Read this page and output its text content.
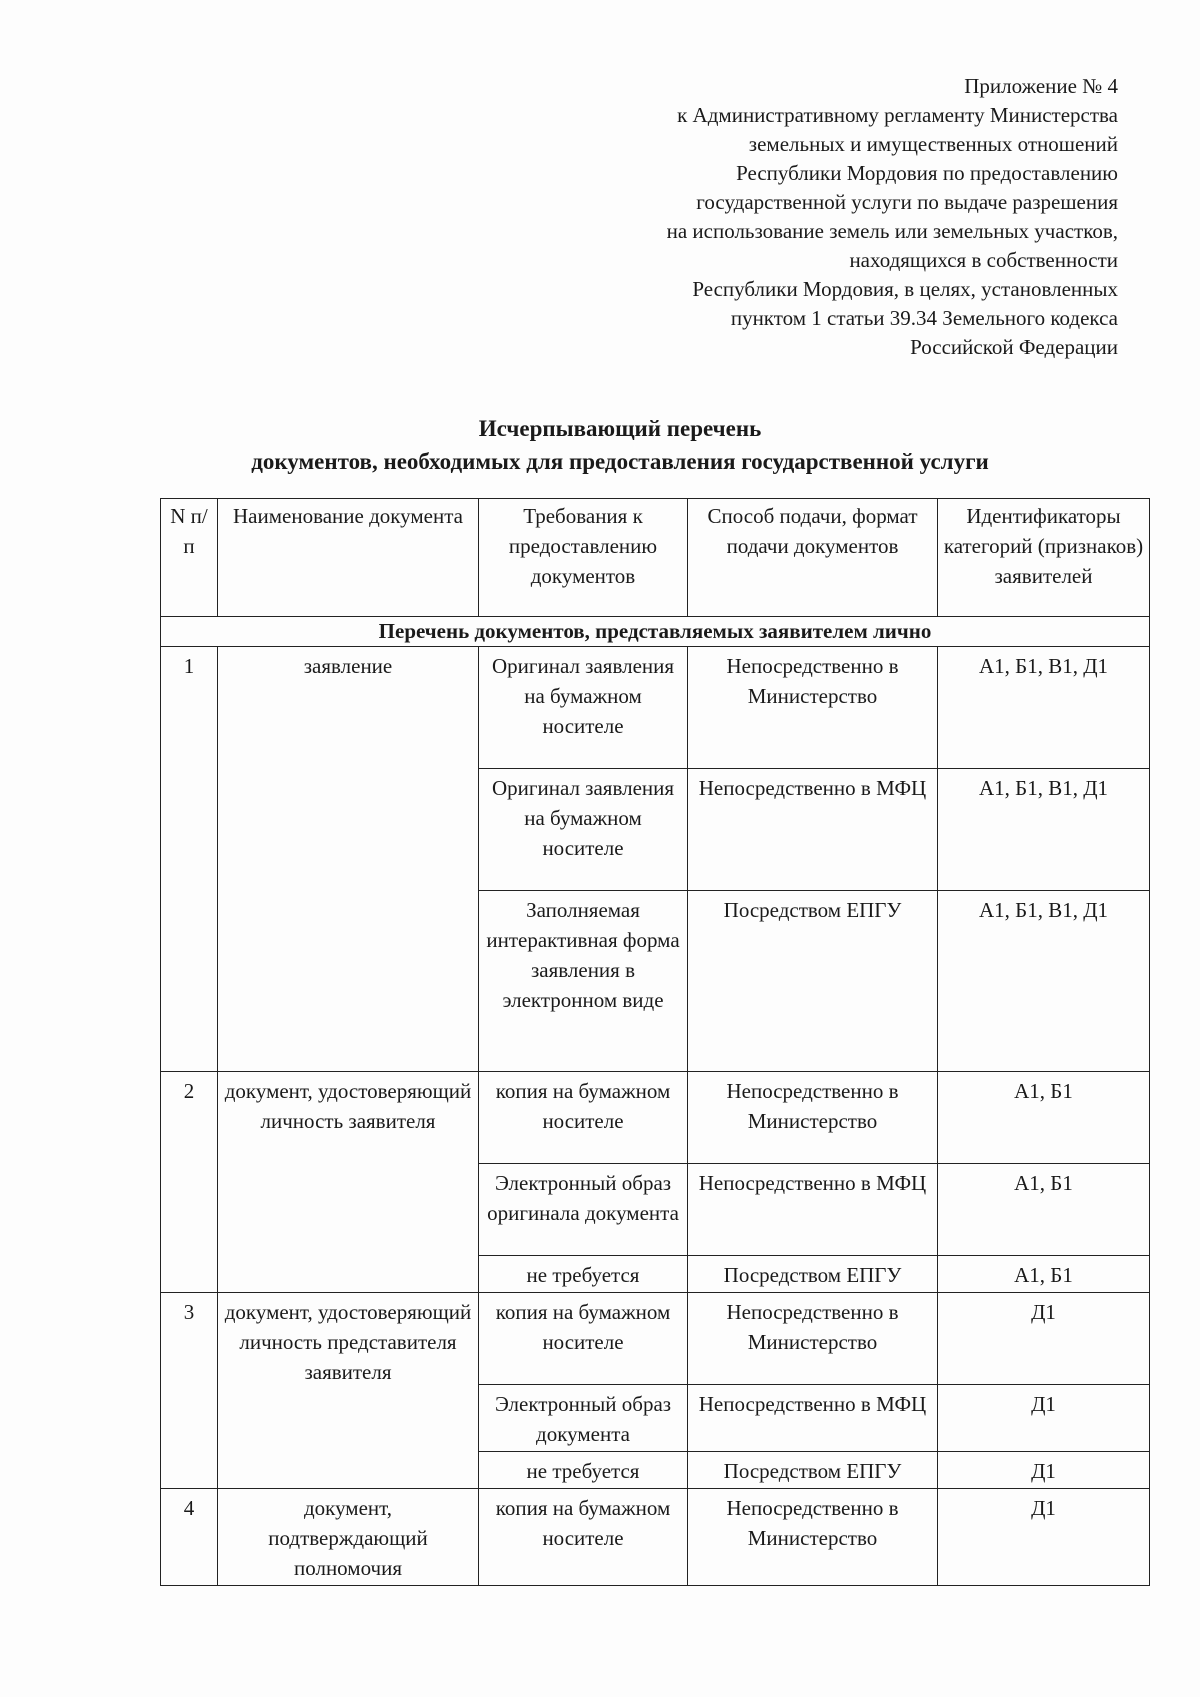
Приложение № 4
к Административному регламенту Министерства
земельных и имущественных отношений
Республики Мордовия по предоставлению
государственной услуги по выдаче разрешения
на использование земель или земельных участков,
находящихся в собственности
Республики Мордовия, в целях, установленных
пунктом 1 статьи 39.34 Земельного кодекса
Российской Федерации
Исчерпывающий перечень
документов, необходимых для предоставления государственной услуги
N п/п	Наименование документа	Требования к предоставлению документов	Способ подачи, формат подачи документов	Идентификаторы категорий (признаков) заявителей
Перечень документов, представляемых заявителем лично				
1	заявление	Оригинал заявления на бумажном носителе	Непосредственно в Министерство	А1, Б1, В1, Д1
		Оригинал заявления на бумажном носителе	Непосредственно в МФЦ	А1, Б1, В1, Д1
		Заполняемая интерактивная форма заявления в электронном виде	Посредством ЕПГУ	А1, Б1, В1, Д1
2	документ, удостоверяющий личность заявителя	копия на бумажном носителе	Непосредственно в Министерство	А1, Б1
		Электронный образ оригинала документа	Непосредственно в МФЦ	А1, Б1
		не требуется	Посредством ЕПГУ	А1, Б1
3	документ, удостоверяющий личность представителя заявителя	копия на бумажном носителе	Непосредственно в Министерство	Д1
		Электронный образ документа	Непосредственно в МФЦ	Д1
		не требуется	Посредством ЕПГУ	Д1
4	документ, подтверждающий полномочия	копия на бумажном носителе	Непосредственно в Министерство	Д1
